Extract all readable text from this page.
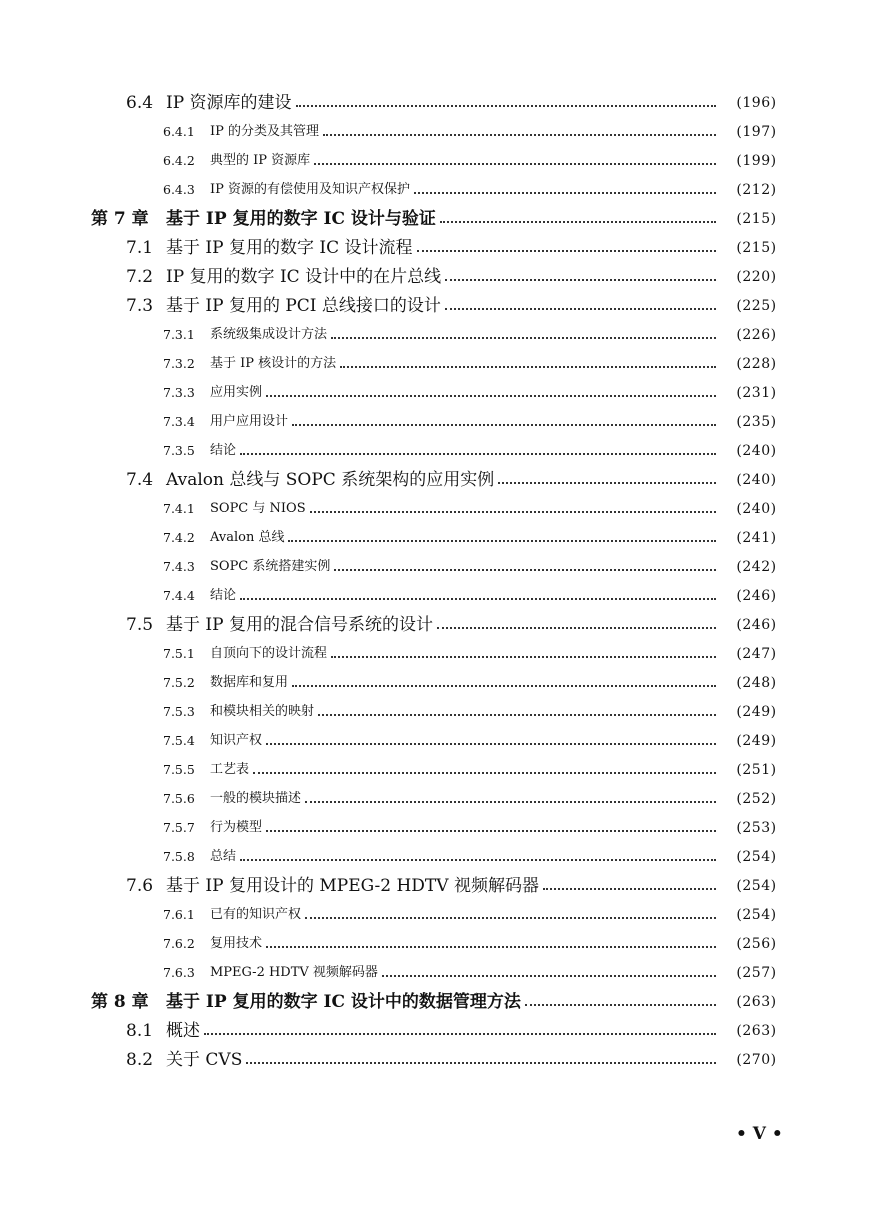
6.4 IP 资源库的建设	(196)
6.4.1 IP 的分类及其管理	(197)
6.4.2 典型的 IP 资源库	(199)
6.4.3 IP 资源的有偿使用及知识产权保护	(212)
第 7 章 基于 IP 复用的数字 IC 设计与验证	(215)
7.1 基于 IP 复用的数字 IC 设计流程	(215)
7.2 IP 复用的数字 IC 设计中的在片总线	(220)
7.3 基于 IP 复用的 PCI 总线接口的设计	(225)
7.3.1 系统级集成设计方法	(226)
7.3.2 基于 IP 核设计的方法	(228)
7.3.3 应用实例	(231)
7.3.4 用户应用设计	(235)
7.3.5 结论	(240)
7.4 Avalon 总线与 SOPC 系统架构的应用实例	(240)
7.4.1 SOPC 与 NIOS	(240)
7.4.2 Avalon 总线	(241)
7.4.3 SOPC 系统搭建实例	(242)
7.4.4 结论	(246)
7.5 基于 IP 复用的混合信号系统的设计	(246)
7.5.1 自顶向下的设计流程	(247)
7.5.2 数据库和复用	(248)
7.5.3 和模块相关的映射	(249)
7.5.4 知识产权	(249)
7.5.5 工艺表	(251)
7.5.6 一般的模块描述	(252)
7.5.7 行为模型	(253)
7.5.8 总结	(254)
7.6 基于 IP 复用设计的 MPEG-2 HDTV 视频解码器	(254)
7.6.1 已有的知识产权	(254)
7.6.2 复用技术	(256)
7.6.3 MPEG-2 HDTV 视频解码器	(257)
第 8 章 基于 IP 复用的数字 IC 设计中的数据管理方法	(263)
8.1 概述	(263)
8.2 关于 CVS	(270)
• V •
